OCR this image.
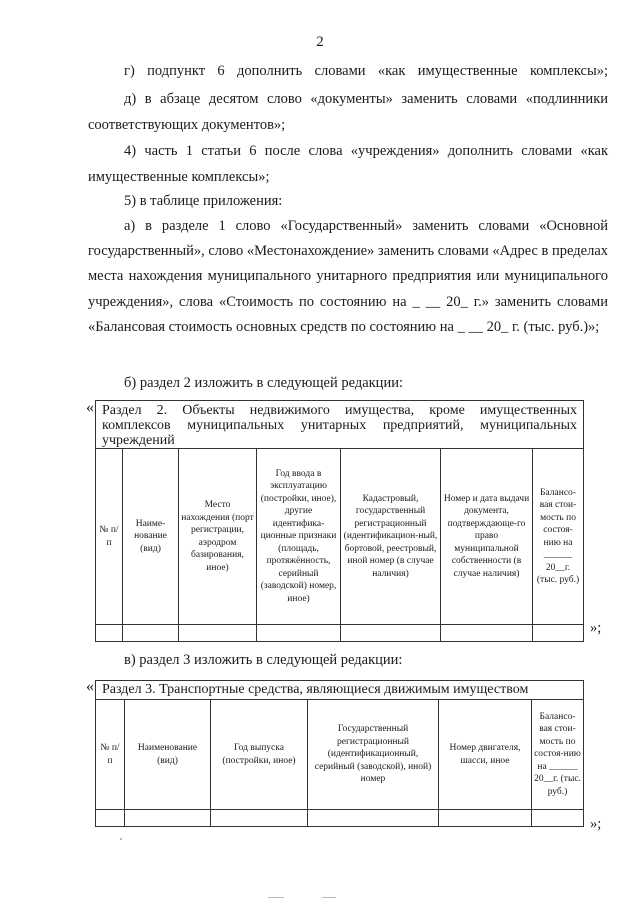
2
г) подпункт 6 дополнить словами «как имущественные комплексы»;
д) в абзаце десятом слово «документы» заменить словами «подлинники соответствующих документов»;
4) часть 1 статьи 6 после слова «учреждения» дополнить словами «как имущественные комплексы»;
5) в таблице приложения:
а) в разделе 1 слово «Государственный» заменить словами «Основной государственный», слово «Местонахождение» заменить словами «Адрес в пределах места нахождения муниципального унитарного предприятия или муниципального учреждения», слова «Стоимость по состоянию на _ __ 20_ г.» заменить словами «Балансовая стоимость основных средств по состоянию на _ __ 20_ г. (тыс. руб.)»;
б) раздел 2 изложить в следующей редакции:
« Раздел 2. Объекты недвижимого имущества, кроме имущественных комплексов муниципальных унитарных предприятий, муниципальных учреждений						
№ п/п	Наиме-нование (вид)	Место нахождения (порт регистрации, аэродром базирования, иное)	Год ввода в эксплуатацию (постройки, иное), другие идентифика-ционные признаки (площадь, протяжённость, серийный (заводской) номер, иное)	Кадастровый, государственный регистрационный (идентификацион-ный, бортовой, реестровый, иной номер (в случае наличия)	Номер и дата выдачи документа, подтверждающе-го право муниципальной собственности (в случае наличия)	Балансо-вая стои-мость по состоя-нию на ______ 20__г. (тыс. руб.)

»;
в) раздел 3 изложить в следующей редакции:
« Раздел 3. Транспортные средства, являющиеся движимым имуществом					
№ п/п	Наименование (вид)	Год выпуска (постройки, иное)	Государственный регистрационный (идентификационный, серийный (заводской), иной) номер	Номер двигателя, шасси, иное	Балансо-вая стои-мость по состоя-нию на ______ 20__г. (тыс. руб.)

»;
